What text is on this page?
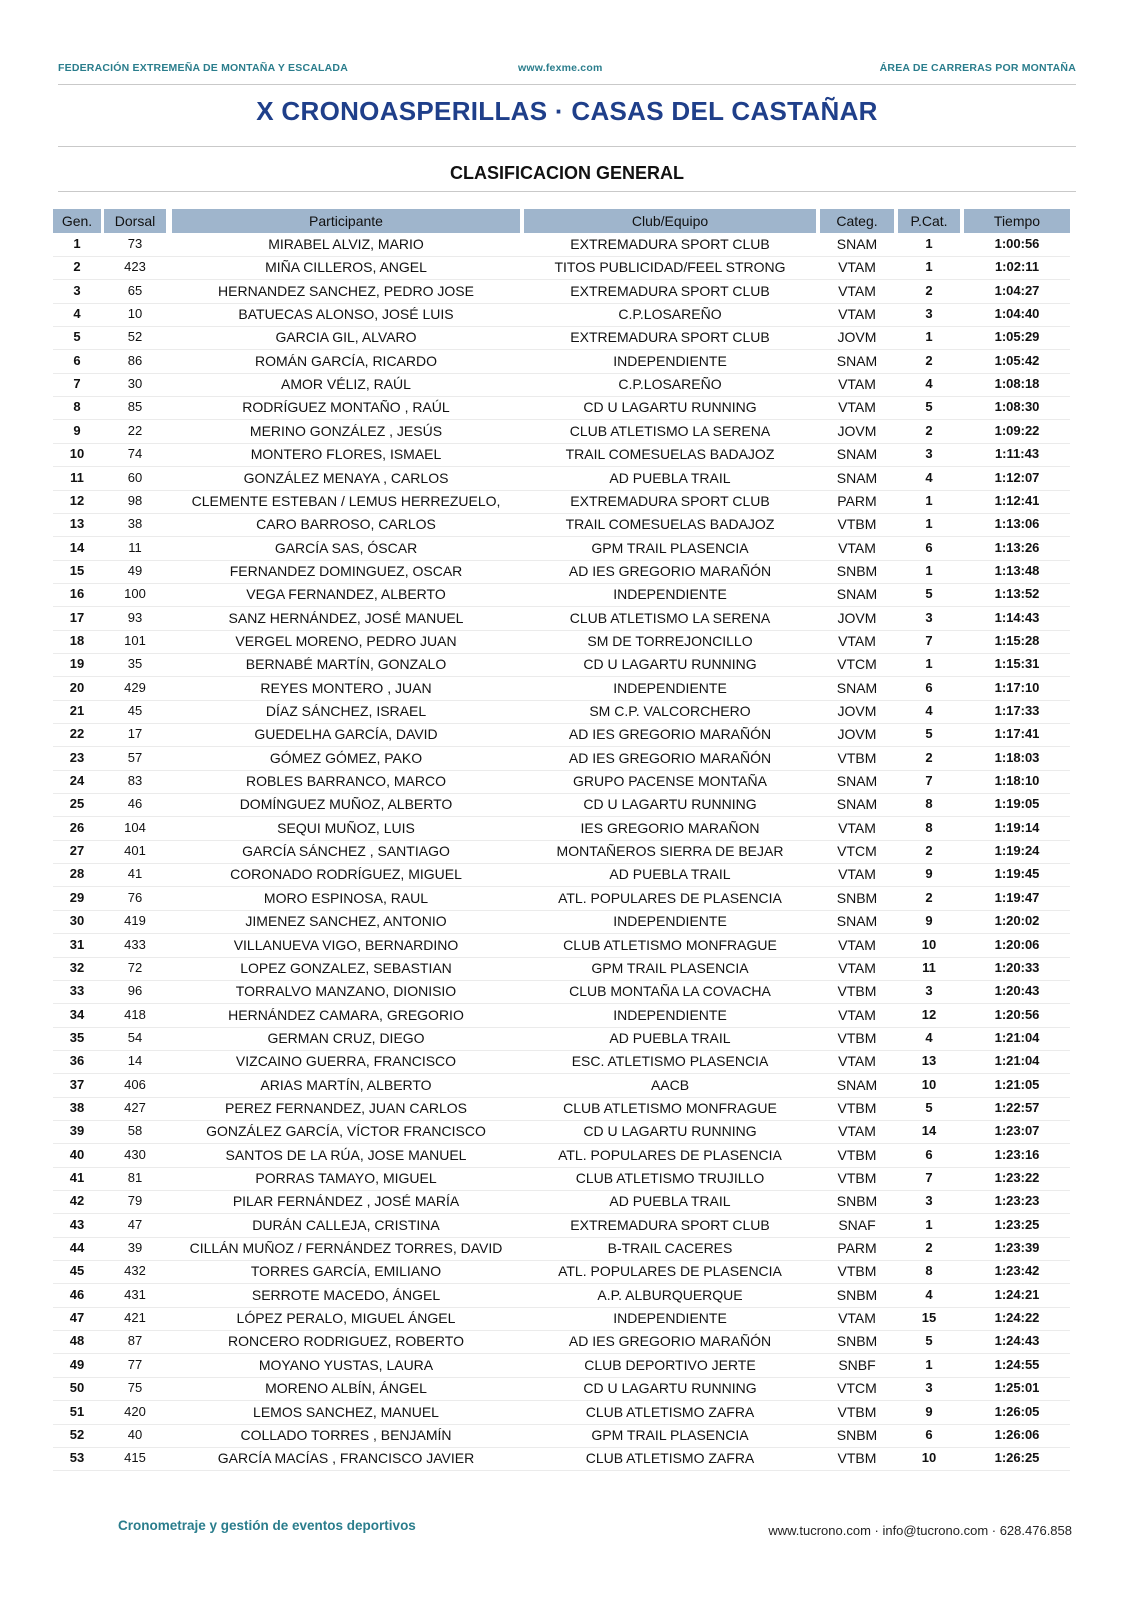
FEDERACIÓN EXTREMEÑA DE MONTAÑA Y ESCALADA	www.fexme.com	ÁREA DE CARRERAS POR MONTAÑA
X CRONOASPERILLAS · CASAS DEL CASTAÑAR
CLASIFICACION GENERAL
Gen.	Dorsal	Participante	Club/Equipo	Categ.	P.Cat.	Tiempo
1	73	MIRABEL ALVIZ, MARIO	EXTREMADURA SPORT CLUB	SNAM	1	1:00:56
2	423	MIÑA CILLEROS, ANGEL	TITOS PUBLICIDAD/FEEL STRONG	VTAM	1	1:02:11
3	65	HERNANDEZ SANCHEZ, PEDRO JOSE	EXTREMADURA SPORT CLUB	VTAM	2	1:04:27
4	10	BATUECAS ALONSO, JOSÉ LUIS	C.P.LOSAREÑO	VTAM	3	1:04:40
5	52	GARCIA GIL, ALVARO	EXTREMADURA SPORT CLUB	JOVM	1	1:05:29
6	86	ROMÁN GARCÍA, RICARDO	INDEPENDIENTE	SNAM	2	1:05:42
7	30	AMOR VÉLIZ, RAÚL	C.P.LOSAREÑO	VTAM	4	1:08:18
8	85	RODRÍGUEZ MONTAÑO , RAÚL	CD U LAGARTU RUNNING	VTAM	5	1:08:30
9	22	MERINO GONZÁLEZ , JESÚS	CLUB ATLETISMO LA SERENA	JOVM	2	1:09:22
10	74	MONTERO FLORES, ISMAEL	TRAIL COMESUELAS BADAJOZ	SNAM	3	1:11:43
11	60	GONZÁLEZ MENAYA , CARLOS	AD PUEBLA TRAIL	SNAM	4	1:12:07
12	98	CLEMENTE ESTEBAN / LEMUS HERREZUELO,	EXTREMADURA SPORT CLUB	PARM	1	1:12:41
13	38	CARO BARROSO, CARLOS	TRAIL COMESUELAS BADAJOZ	VTBM	1	1:13:06
14	11	GARCÍA SAS, ÓSCAR	GPM TRAIL PLASENCIA	VTAM	6	1:13:26
15	49	FERNANDEZ DOMINGUEZ, OSCAR	AD IES GREGORIO MARAÑÓN	SNBM	1	1:13:48
16	100	VEGA FERNANDEZ, ALBERTO	INDEPENDIENTE	SNAM	5	1:13:52
17	93	SANZ HERNÁNDEZ, JOSÉ MANUEL	CLUB ATLETISMO LA SERENA	JOVM	3	1:14:43
18	101	VERGEL MORENO, PEDRO JUAN	SM DE TORREJONCILLO	VTAM	7	1:15:28
19	35	BERNABÉ MARTÍN, GONZALO	CD U LAGARTU RUNNING	VTCM	1	1:15:31
20	429	REYES MONTERO , JUAN	INDEPENDIENTE	SNAM	6	1:17:10
21	45	DÍAZ SÁNCHEZ, ISRAEL	SM C.P. VALCORCHERO	JOVM	4	1:17:33
22	17	GUEDELHA GARCÍA, DAVID	AD IES GREGORIO MARAÑÓN	JOVM	5	1:17:41
23	57	GÓMEZ GÓMEZ, PAKO	AD IES GREGORIO MARAÑÓN	VTBM	2	1:18:03
24	83	ROBLES BARRANCO, MARCO	GRUPO PACENSE MONTAÑA	SNAM	7	1:18:10
25	46	DOMÍNGUEZ MUÑOZ, ALBERTO	CD U LAGARTU RUNNING	SNAM	8	1:19:05
26	104	SEQUI MUÑOZ, LUIS	IES GREGORIO MARAÑON	VTAM	8	1:19:14
27	401	GARCÍA SÁNCHEZ , SANTIAGO	MONTAÑEROS SIERRA DE BEJAR	VTCM	2	1:19:24
28	41	CORONADO RODRÍGUEZ, MIGUEL	AD PUEBLA TRAIL	VTAM	9	1:19:45
29	76	MORO ESPINOSA, RAUL	ATL. POPULARES DE PLASENCIA	SNBM	2	1:19:47
30	419	JIMENEZ SANCHEZ, ANTONIO	INDEPENDIENTE	SNAM	9	1:20:02
31	433	VILLANUEVA VIGO, BERNARDINO	CLUB ATLETISMO MONFRAGUE	VTAM	10	1:20:06
32	72	LOPEZ GONZALEZ, SEBASTIAN	GPM TRAIL PLASENCIA	VTAM	11	1:20:33
33	96	TORRALVO MANZANO, DIONISIO	CLUB MONTAÑA LA COVACHA	VTBM	3	1:20:43
34	418	HERNÁNDEZ CAMARA, GREGORIO	INDEPENDIENTE	VTAM	12	1:20:56
35	54	GERMAN CRUZ, DIEGO	AD PUEBLA TRAIL	VTBM	4	1:21:04
36	14	VIZCAINO GUERRA, FRANCISCO	ESC. ATLETISMO PLASENCIA	VTAM	13	1:21:04
37	406	ARIAS MARTÍN, ALBERTO	AACB	SNAM	10	1:21:05
38	427	PEREZ FERNANDEZ, JUAN CARLOS	CLUB ATLETISMO MONFRAGUE	VTBM	5	1:22:57
39	58	GONZÁLEZ GARCÍA, VÍCTOR FRANCISCO	CD U LAGARTU RUNNING	VTAM	14	1:23:07
40	430	SANTOS DE LA RÚA, JOSE MANUEL	ATL. POPULARES DE PLASENCIA	VTBM	6	1:23:16
41	81	PORRAS TAMAYO, MIGUEL	CLUB ATLETISMO TRUJILLO	VTBM	7	1:23:22
42	79	PILAR FERNÁNDEZ , JOSÉ MARÍA	AD PUEBLA TRAIL	SNBM	3	1:23:23
43	47	DURÁN CALLEJA, CRISTINA	EXTREMADURA SPORT CLUB	SNAF	1	1:23:25
44	39	CILLÁN MUÑOZ / FERNÁNDEZ TORRES, DAVID	B-TRAIL CACERES	PARM	2	1:23:39
45	432	TORRES GARCÍA, EMILIANO	ATL. POPULARES DE PLASENCIA	VTBM	8	1:23:42
46	431	SERROTE MACEDO, ÁNGEL	A.P. ALBURQUERQUE	SNBM	4	1:24:21
47	421	LÓPEZ PERALO, MIGUEL ÁNGEL	INDEPENDIENTE	VTAM	15	1:24:22
48	87	RONCERO RODRIGUEZ, ROBERTO	AD IES GREGORIO MARAÑÓN	SNBM	5	1:24:43
49	77	MOYANO YUSTAS, LAURA	CLUB DEPORTIVO JERTE	SNBF	1	1:24:55
50	75	MORENO ALBÍN, ÁNGEL	CD U LAGARTU RUNNING	VTCM	3	1:25:01
51	420	LEMOS SANCHEZ, MANUEL	CLUB ATLETISMO ZAFRA	VTBM	9	1:26:05
52	40	COLLADO TORRES , BENJAMÍN	GPM TRAIL PLASENCIA	SNBM	6	1:26:06
53	415	GARCÍA MACÍAS , FRANCISCO JAVIER	CLUB ATLETISMO ZAFRA	VTBM	10	1:26:25
Cronometraje y gestión de eventos deportivos	www.tucrono.com · info@tucrono.com · 628.476.858
